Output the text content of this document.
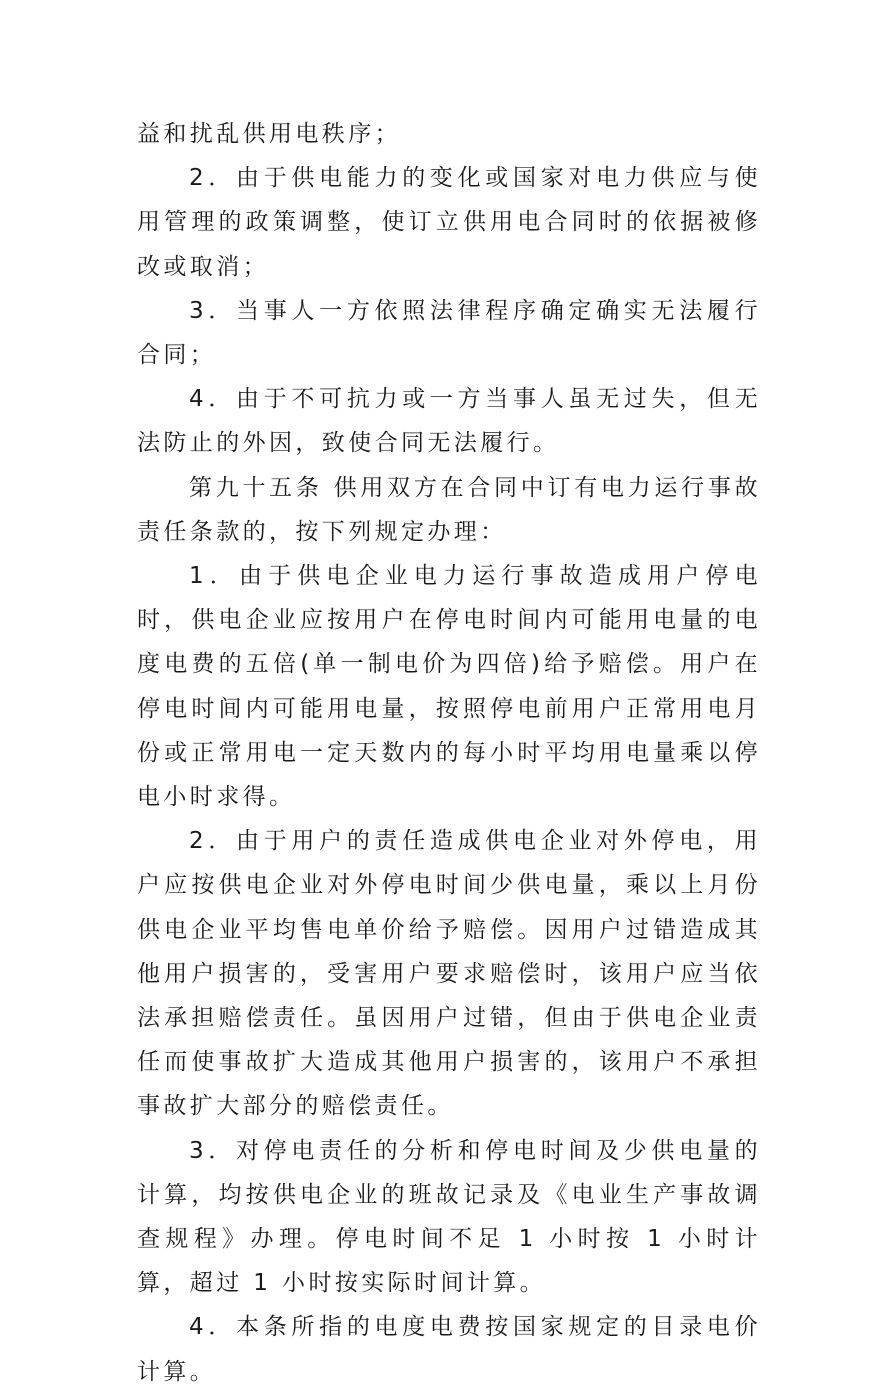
益和扰乱供用电秩序；

2．由于供电能力的变化或国家对电力供应与使用管理的政策调整，使订立供用电合同时的依据被修改或取消；

3．当事人一方依照法律程序确定确实无法履行合同；

4．由于不可抗力或一方当事人虽无过失，但无法防止的外因，致使合同无法履行。

第九十五条 供用双方在合同中订有电力运行事故责任条款的，按下列规定办理：

1．由于供电企业电力运行事故造成用户停电时，供电企业应按用户在停电时间内可能用电量的电度电费的五倍(单一制电价为四倍)给予赔偿。用户在停电时间内可能用电量，按照停电前用户正常用电月份或正常用电一定天数内的每小时平均用电量乘以停电小时求得。

2．由于用户的责任造成供电企业对外停电，用户应按供电企业对外停电时间少供电量，乘以上月份供电企业平均售电单价给予赔偿。因用户过错造成其他用户损害的，受害用户要求赔偿时，该用户应当依法承担赔偿责任。虽因用户过错，但由于供电企业责任而使事故扩大造成其他用户损害的，该用户不承担事故扩大部分的赔偿责任。

3．对停电责任的分析和停电时间及少供电量的计算，均按供电企业的班故记录及《电业生产事故调查规程》办理。停电时间不足 1 小时按 1 小时计算，超过 1 小时按实际时间计算。

4．本条所指的电度电费按国家规定的目录电价计算。
